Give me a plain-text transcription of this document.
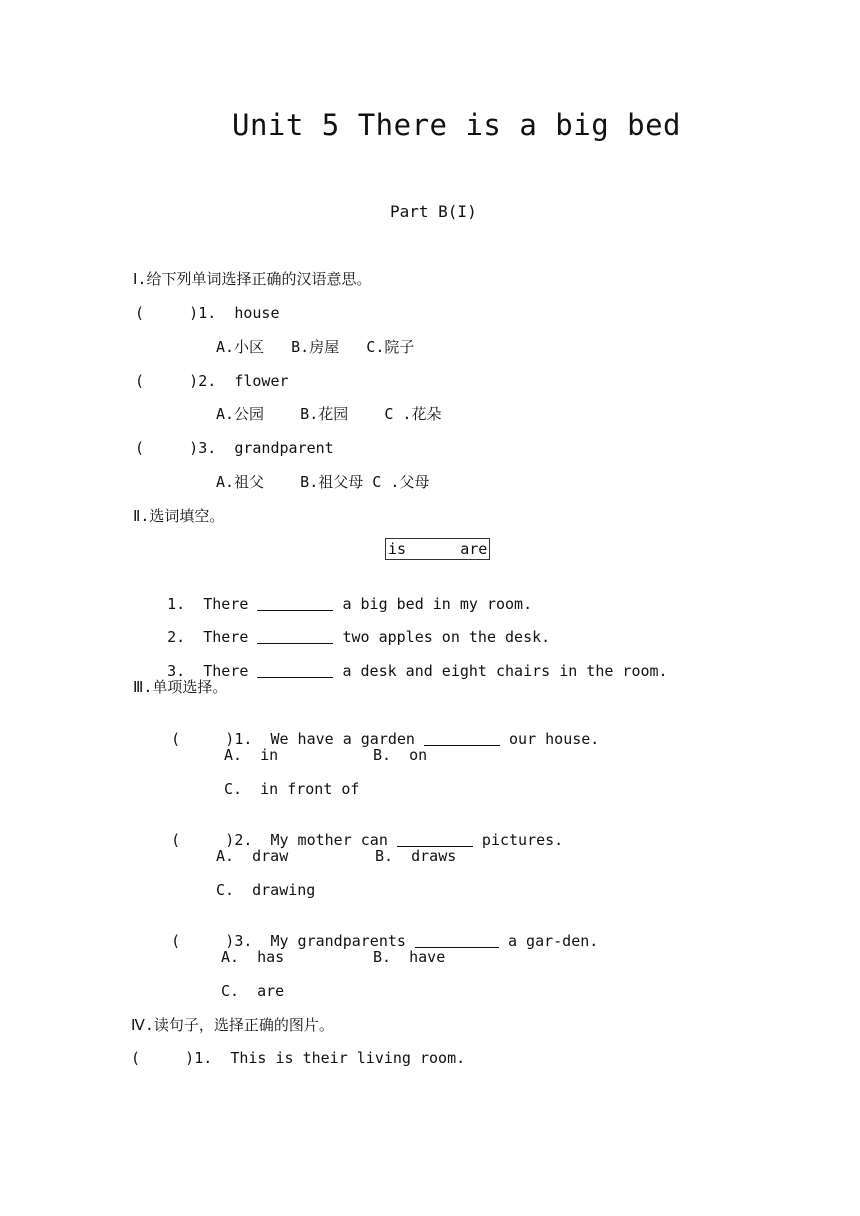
Unit 5 There is a big bed
Part B(I)
Ⅰ.给下列单词选择正确的汉语意思。
(     )1.  house
A.小区   B.房屋   C.院子
(     )2.  flower
A.公园    B.花园    C .花朵
(     )3.  grandparent
A.祖父    B.祖父母 C .父母
Ⅱ.选词填空。
is      are

1.  There	a big bed in my room.

2.  There	two apples on the desk.

3.  There	a desk and eight chairs in the room.

Ⅲ.单项选择。

(     )1.  We have a garden	our house.

A.  in	B.  on
C.  in front of

(     )2.  My mother can	pictures.

A.  draw	B.  draws
C.  drawing

(     )3.  My grandparents	a gar-den.

A.  has	B.  have
C.  are
Ⅳ.读句子，选择正确的图片。
(     )1.  This is their living room.
